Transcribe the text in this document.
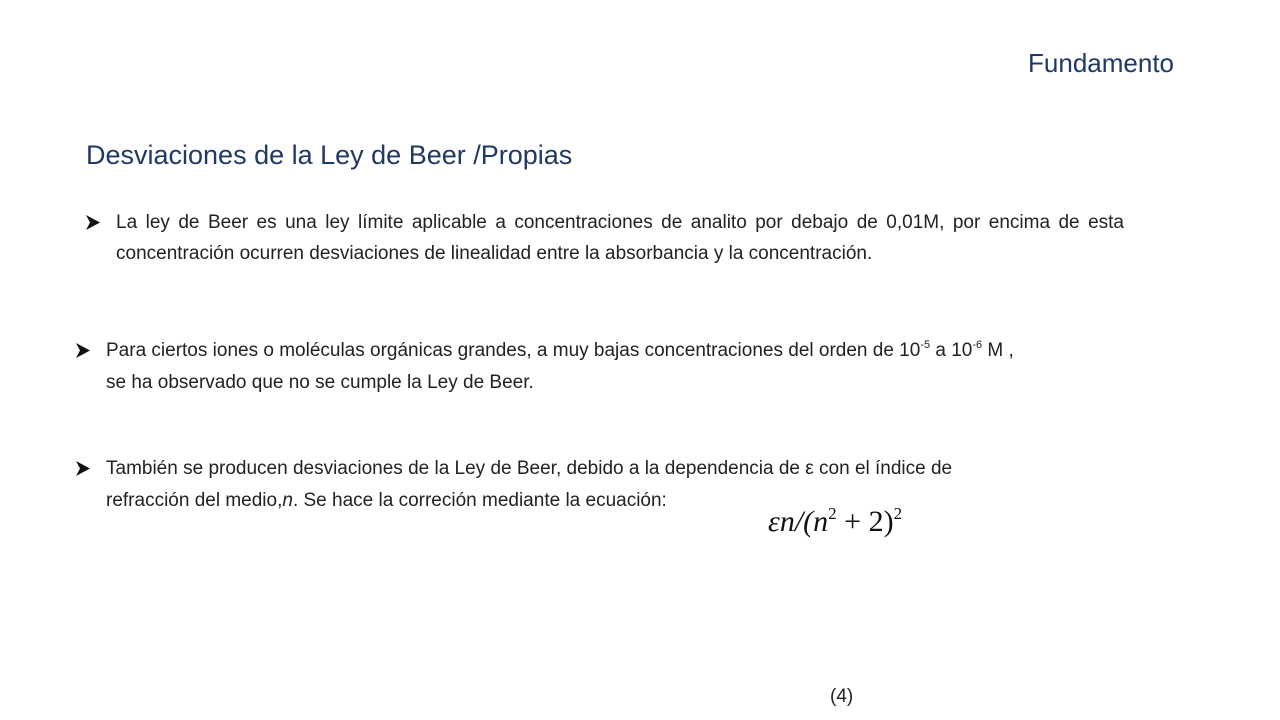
Fundamento
Desviaciones de la Ley de Beer /Propias
La ley de Beer es una ley límite aplicable a concentraciones de analito por debajo de 0,01M, por encima de esta concentración ocurren desviaciones de linealidad entre la absorbancia y la concentración.
Para ciertos iones o moléculas orgánicas grandes, a muy bajas concentraciones del orden de $10^{-5}$ a $10^{-6}$ M ,
se ha observado que no se cumple la Ley de Beer.
También se producen desviaciones de la Ley de Beer, debido a la dependencia de ε con el índice de
refracción del medio,n. Se hace la correción mediante la ecuación:
$\varepsilon n/(n^2 + 2)^2$
(4)
